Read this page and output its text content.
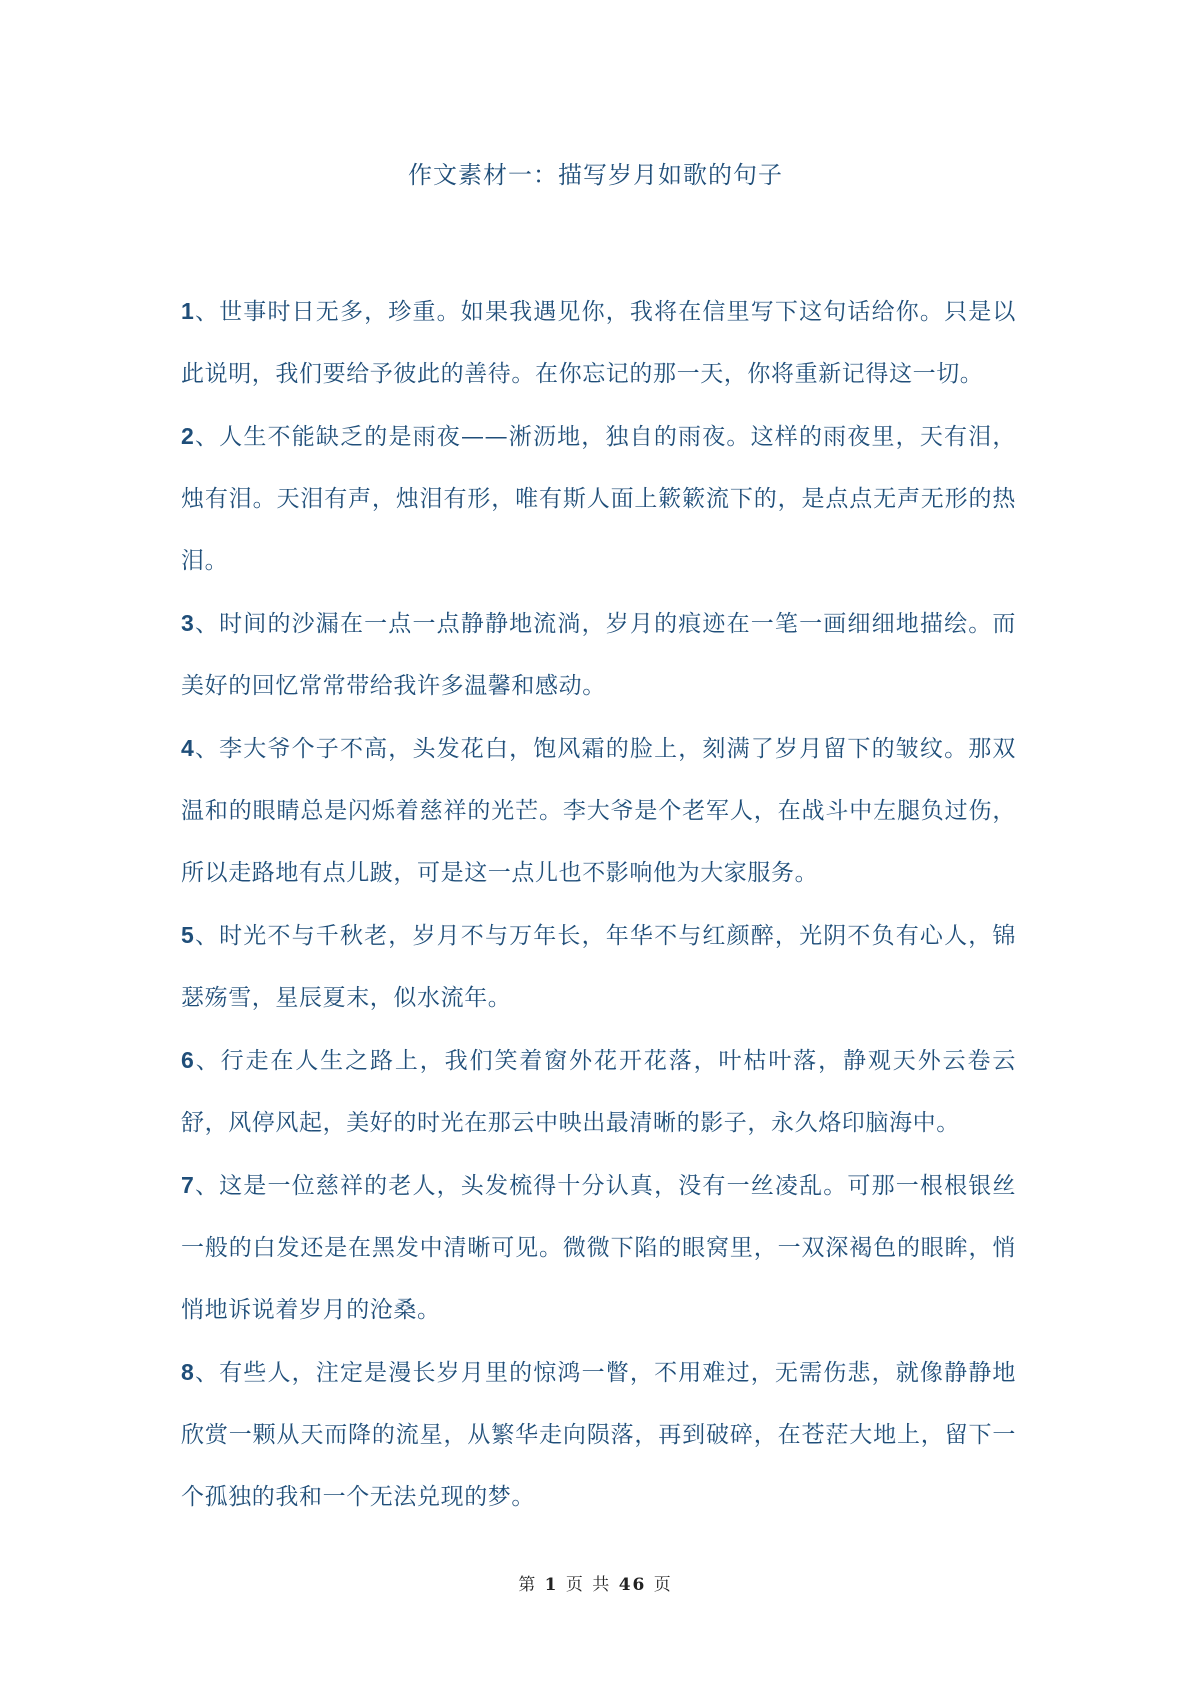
作文素材一：描写岁月如歌的句子

1、世事时日无多，珍重。如果我遇见你，我将在信里写下这句话给你。只是以此说明，我们要给予彼此的善待。在你忘记的那一天，你将重新记得这一切。

2、人生不能缺乏的是雨夜——淅沥地，独自的雨夜。这样的雨夜里，天有泪，烛有泪。天泪有声，烛泪有形，唯有斯人面上簌簌流下的，是点点无声无形的热泪。

3、时间的沙漏在一点一点静静地流淌，岁月的痕迹在一笔一画细细地描绘。而美好的回忆常常带给我许多温馨和感动。

4、李大爷个子不高，头发花白，饱风霜的脸上，刻满了岁月留下的皱纹。那双温和的眼睛总是闪烁着慈祥的光芒。李大爷是个老军人，在战斗中左腿负过伤，所以走路地有点儿跛，可是这一点儿也不影响他为大家服务。

5、时光不与千秋老，岁月不与万年长，年华不与红颜醉，光阴不负有心人，锦瑟殇雪，星辰夏末，似水流年。

6、行走在人生之路上，我们笑着窗外花开花落，叶枯叶落，静观天外云卷云舒，风停风起，美好的时光在那云中映出最清晰的影子，永久烙印脑海中。

7、这是一位慈祥的老人，头发梳得十分认真，没有一丝凌乱。可那一根根银丝一般的白发还是在黑发中清晰可见。微微下陷的眼窝里，一双深褐色的眼眸，悄悄地诉说着岁月的沧桑。

8、有些人，注定是漫长岁月里的惊鸿一瞥，不用难过，无需伤悲，就像静静地欣赏一颗从天而降的流星，从繁华走向陨落，再到破碎，在苍茫大地上，留下一个孤独的我和一个无法兑现的梦。

第 1 页 共 46 页
